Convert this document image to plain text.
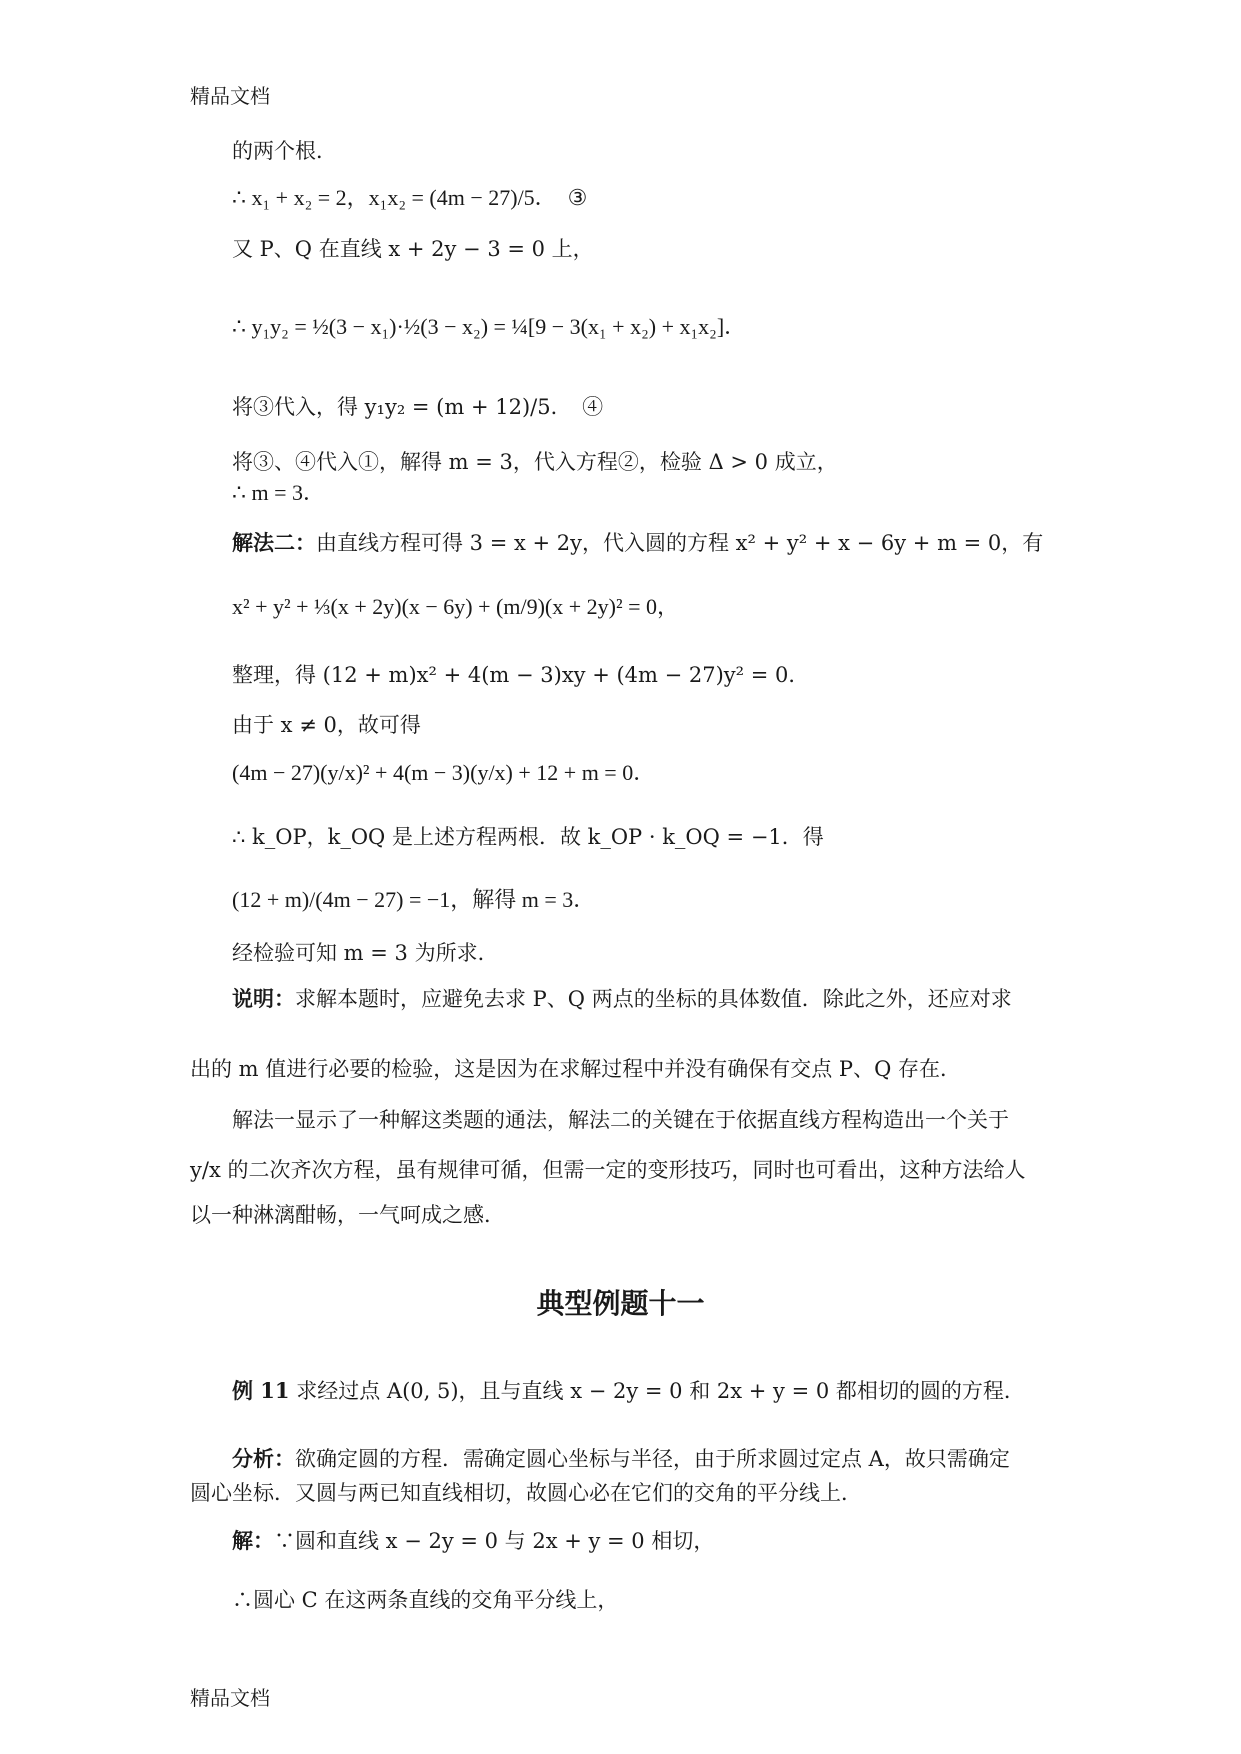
精品文档
的两个根．
∴ x₁ + x₂ = 2，x₁x₂ = (4m − 27)/5．　③
又 P、Q 在直线 x + 2y − 3 = 0 上，
∴ y₁y₂ = ½(3 − x₁)·½(3 − x₂) = ¼[9 − 3(x₁ + x₂) + x₁x₂]．
将③代入，得 y₁y₂ = (m + 12)/5．　④
将③、④代入①，解得 m = 3，代入方程②，检验 Δ > 0 成立，
∴ m = 3．
解法二：由直线方程可得 3 = x + 2y，代入圆的方程 x² + y² + x − 6y + m = 0，有
x² + y² + ⅓(x + 2y)(x − 6y) + (m/9)(x + 2y)² = 0，
整理，得 (12 + m)x² + 4(m − 3)xy + (4m − 27)y² = 0．
由于 x ≠ 0，故可得
(4m − 27)(y/x)² + 4(m − 3)(y/x) + 12 + m = 0．
∴ k_OP，k_OQ 是上述方程两根．故 k_OP · k_OQ = −1．得
(12 + m)/(4m − 27) = −1，解得 m = 3．
经检验可知 m = 3 为所求．
说明：求解本题时，应避免去求 P、Q 两点的坐标的具体数值．除此之外，还应对求
出的 m 值进行必要的检验，这是因为在求解过程中并没有确保有交点 P、Q 存在．
解法一显示了一种解这类题的通法，解法二的关键在于依据直线方程构造出一个关于
y/x 的二次齐次方程，虽有规律可循，但需一定的变形技巧，同时也可看出，这种方法给人
以一种淋漓酣畅，一气呵成之感．
典型例题十一
例 11 求经过点 A(0, 5)，且与直线 x − 2y = 0 和 2x + y = 0 都相切的圆的方程．
分析：欲确定圆的方程．需确定圆心坐标与半径，由于所求圆过定点 A，故只需确定
圆心坐标．又圆与两已知直线相切，故圆心必在它们的交角的平分线上．
解：∵圆和直线 x − 2y = 0 与 2x + y = 0 相切，
∴圆心 C 在这两条直线的交角平分线上，
精品文档
